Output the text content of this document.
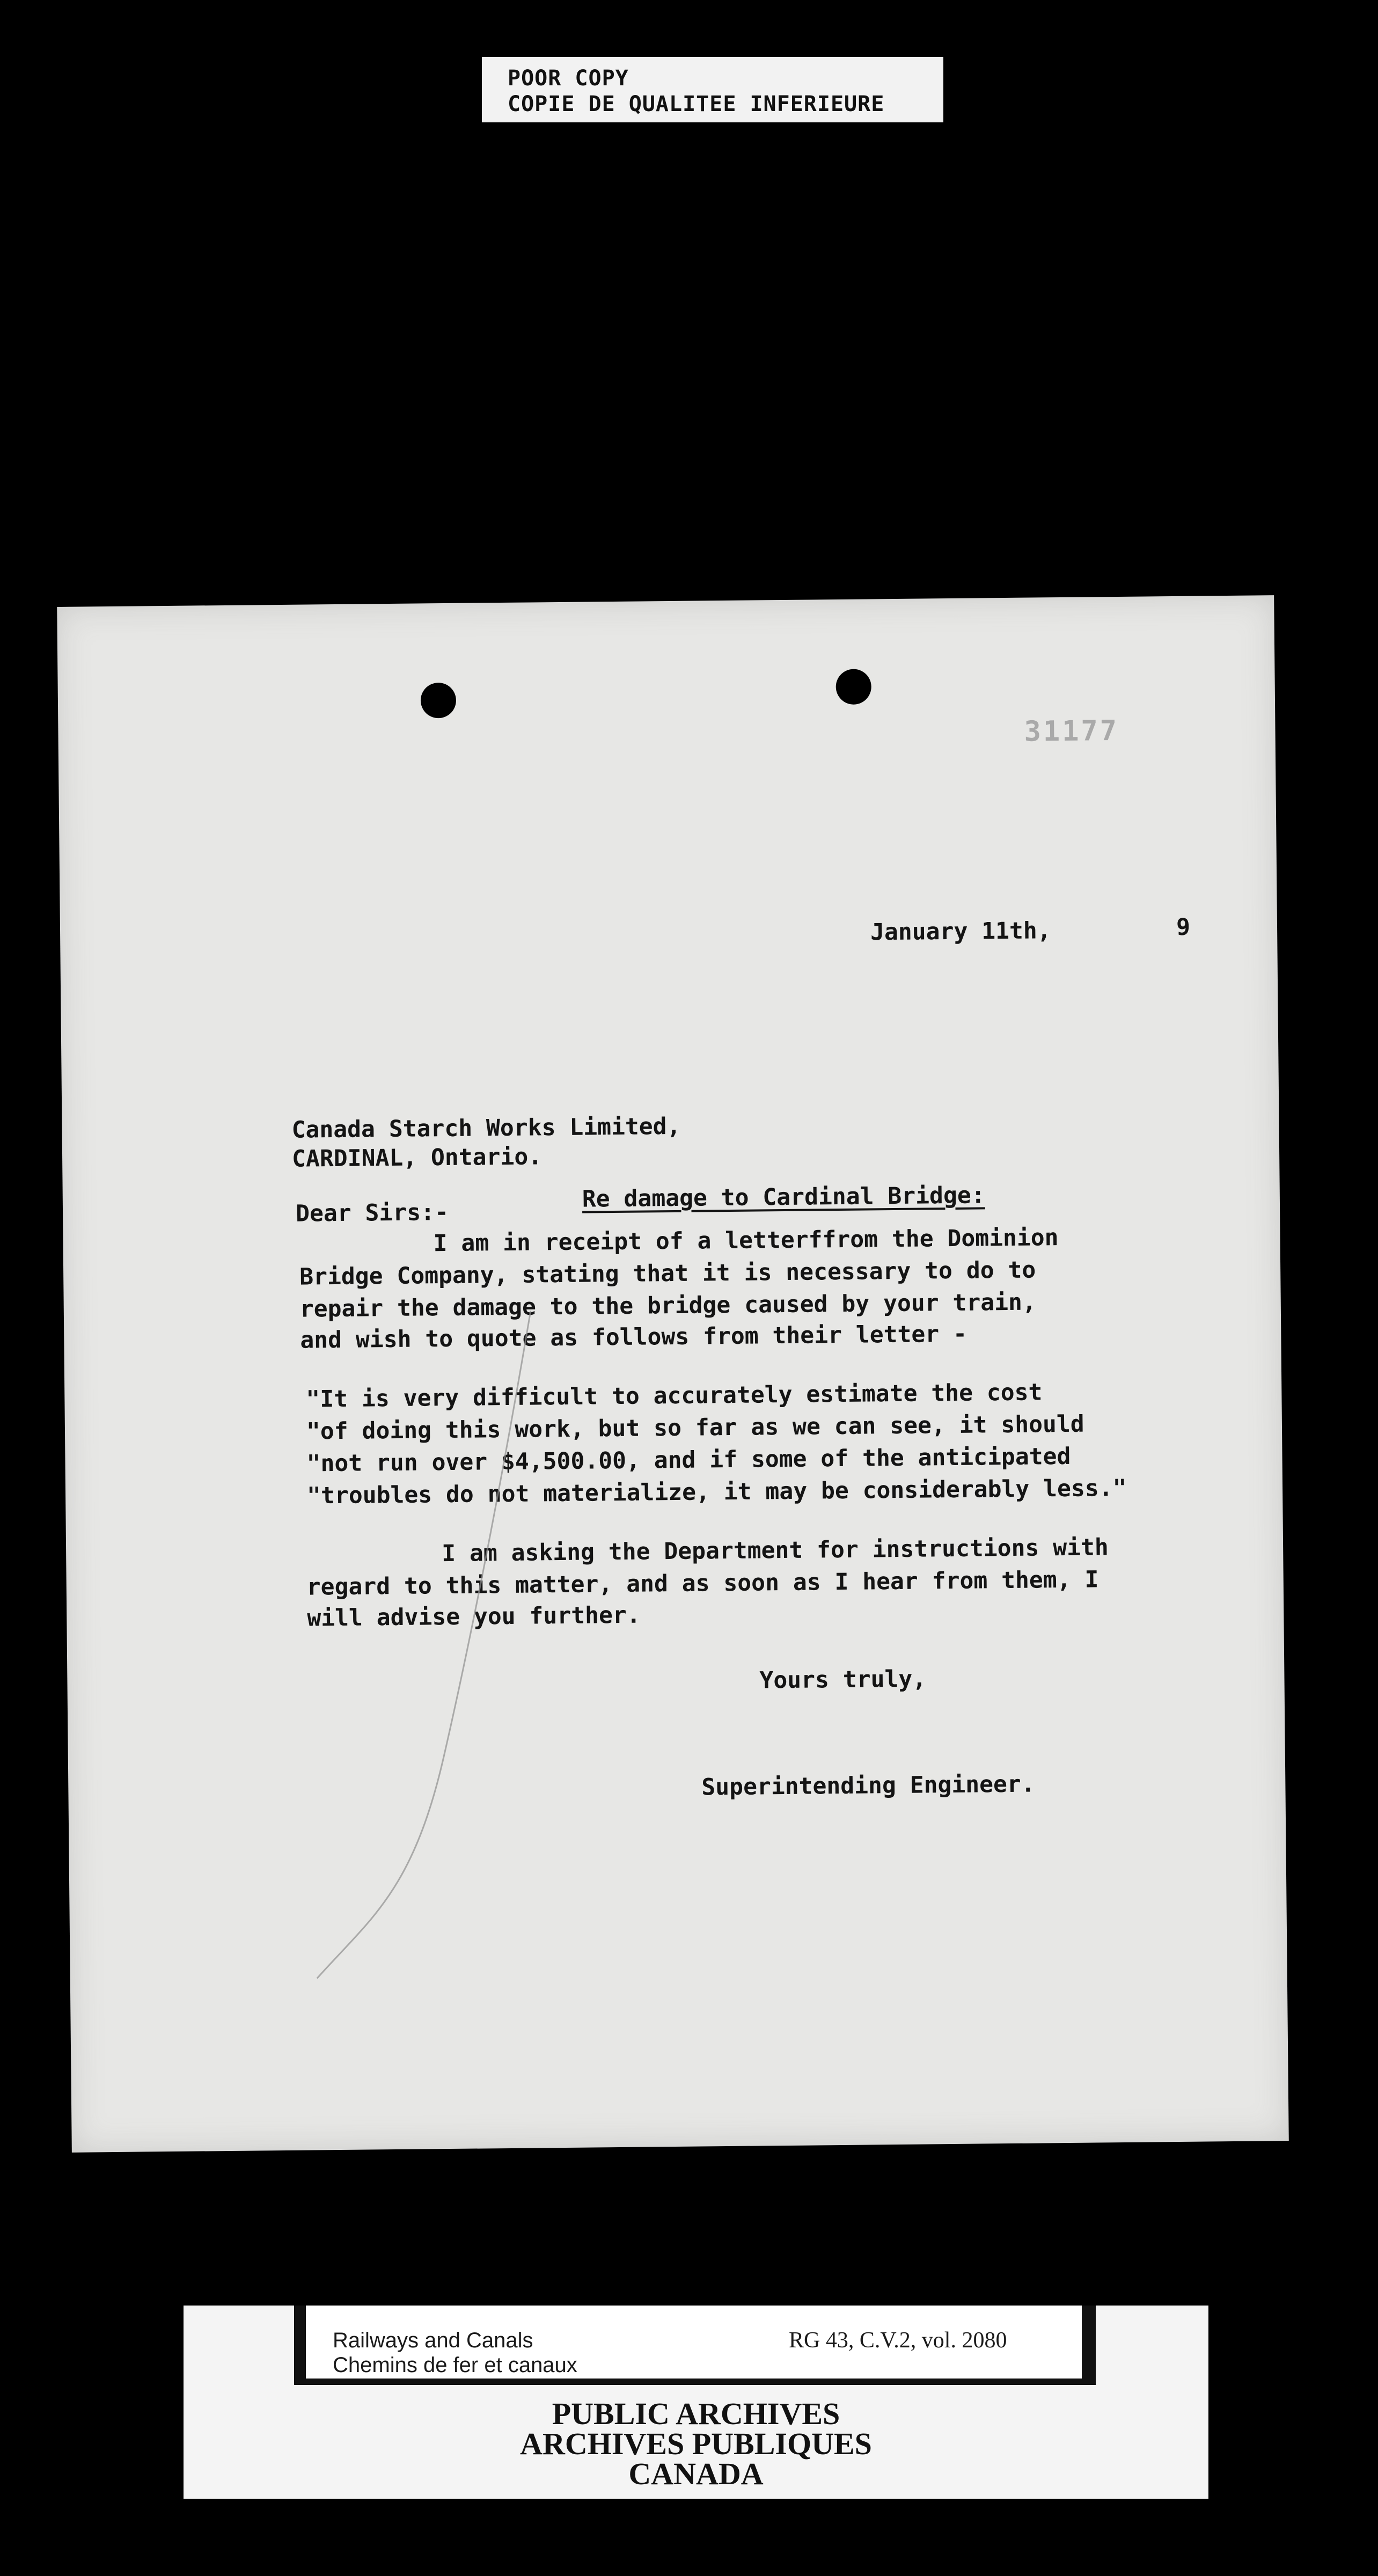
POOR COPY
COPIE DE QUALITEE INFERIEURE
31177
January 11th,	9
Canada Starch Works Limited,
CARDINAL, Ontario.
Re damage to Cardinal Bridge:
Dear Sirs:-
I am in receipt of a letterffrom the Dominion
Bridge Company, stating that it is necessary to do to
repair the damage to the bridge caused by your train,
and wish to quote as follows from their letter -
"It is very difficult to accurately estimate the cost
"of doing this work, but so far as we can see, it should
"not run over $4,500.00, and if some of the anticipated
"troubles do not materialize, it may be considerably less."
I am asking the Department for instructions with
regard to this matter, and as soon as I hear from them, I
will advise you further.
Yours truly,
Superintending Engineer.
Railways and Canals
Chemins de fer et canaux
RG 43, C.V.2, vol. 2080
PUBLIC ARCHIVES
ARCHIVES PUBLIQUES
CANADA
